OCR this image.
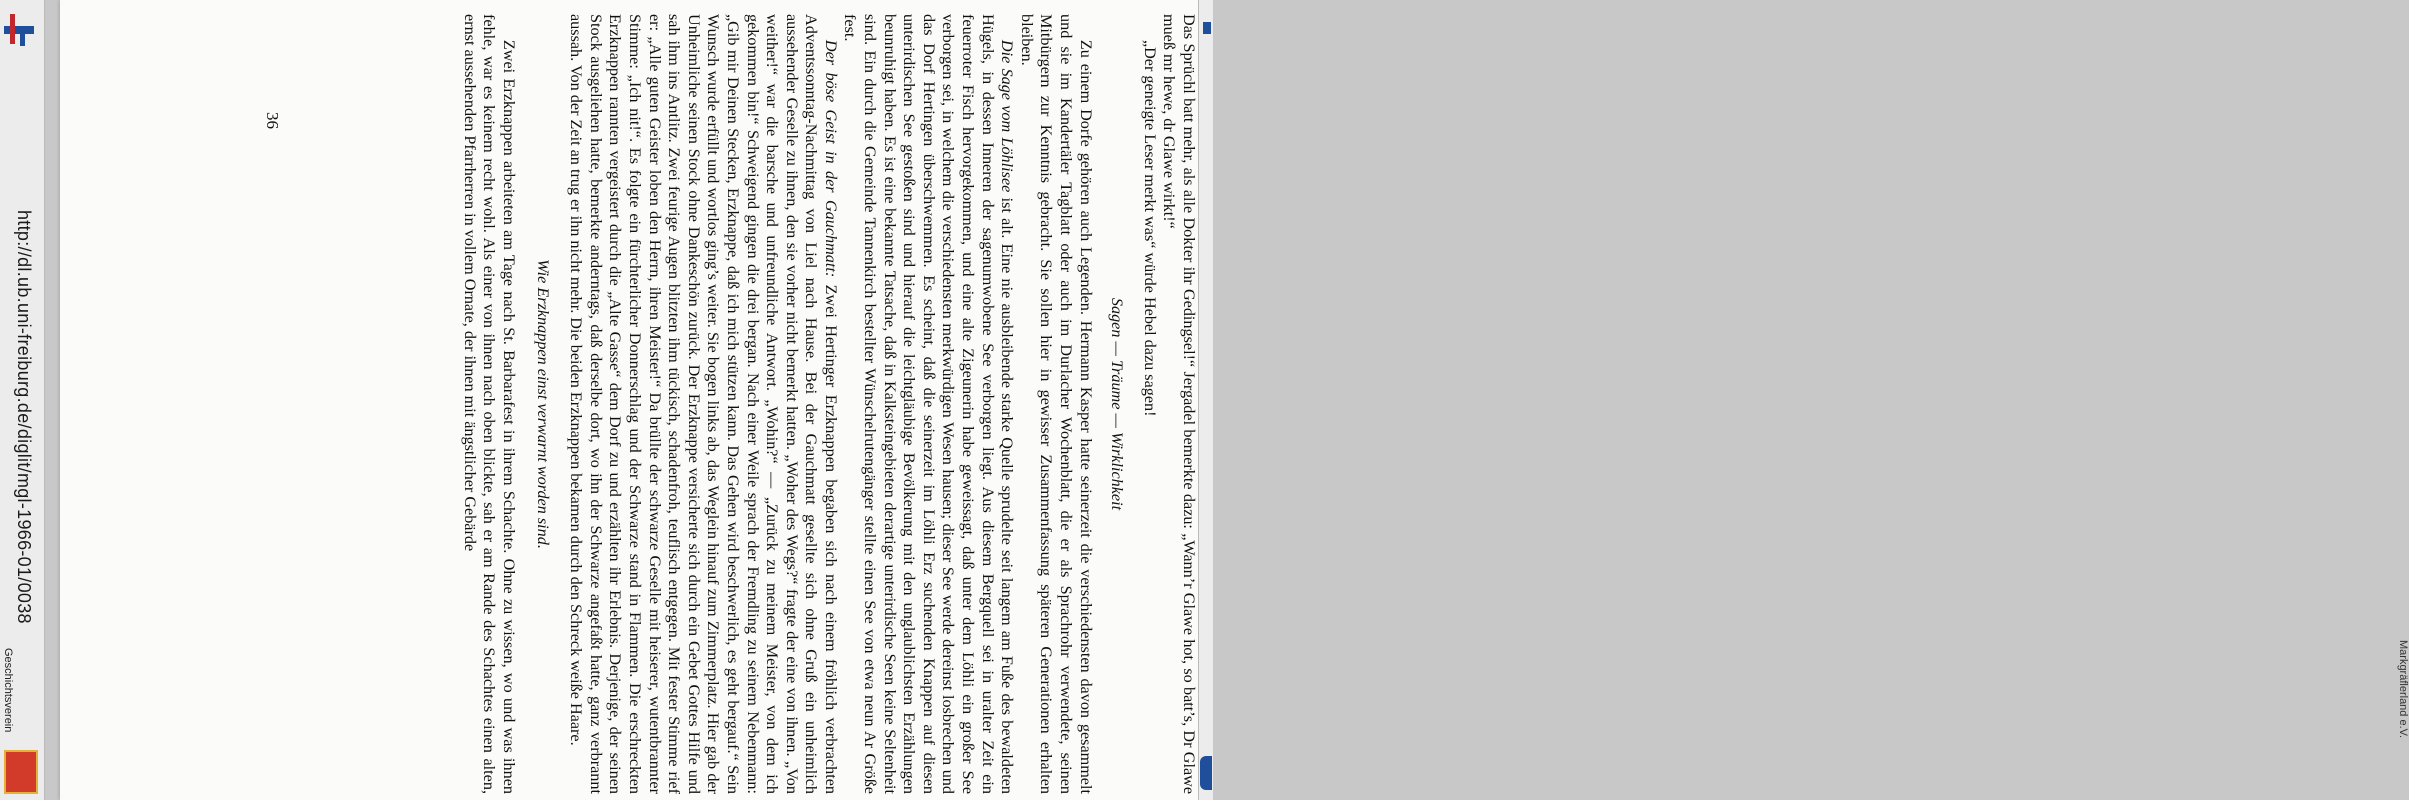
http://dl.ub.uni-freiburg.de/diglit/mgl-1966-01/0038
Geschichtsverein	Das Sprüchl batt mehr, als alle Dokter ihr Gedingsel!“ Jergadel bemerkte dazu: „Wann’r Glawe hot, so batt’s, Dr Glawe mueß mr hewe, dr Glawe wirkt!“

„Der geneigte Leser merkt was“ würde Hebel dazu sagen!

Sagen — Träume — Wirklichkeit

Zu einem Dorfe gehören auch Legenden. Hermann Kasper hatte seinerzeit die verschiedensten davon gesammelt und sie im Kandertäler Tagblatt oder auch im Durlacher Wochenblatt, die er als Sprachrohr verwendete, seinen Mitbürgern zur Kenntnis gebracht. Sie sollen hier in gewisser Zusammenfassung späteren Generationen erhalten bleiben.

Die Sage vom Löhlisee ist alt. Eine nie ausbleibende starke Quelle sprudelte seit langem am Fuße des bewaldeten Hügels, in dessen Inneren der sagenumwobene See verborgen liegt. Aus diesem Bergquell sei in uralter Zeit ein feuerroter Fisch hervorgekommen, und eine alte Zigeunerin habe geweissagt, daß unter dem Löhli ein großer See verborgen sei, in welchem die verschiedensten merkwürdigen Wesen hausen; dieser See werde dereinst losbrechen und das Dorf Hertingen überschwemmen. Es scheint, daß die seinerzeit im Löhli Erz suchenden Knappen auf diesen unterirdischen See gestoßen sind und hierauf die leichtgläubige Bevölkerung mit den unglaublichsten Erzählungen beunruhigt haben. Es ist eine bekannte Tatsache, daß in Kalksteingebieten derartige unterirdische Seen keine Seltenheit sind. Ein durch die Gemeinde Tannenkirch bestellter Wünschelrutengänger stellte einen See von etwa neun Ar Größe fest.

Der böse Geist in der Gauchmatt: Zwei Hertinger Erzknappen begaben sich nach einem fröhlich verbrachten Adventssonntag-Nachmittag von Liel nach Hause. Bei der Gauchmatt gesellte sich ohne Gruß ein unheimlich aussehender Geselle zu ihnen, den sie vorher nicht bemerkt hatten. „Woher des Wegs?“ fragte der eine von ihnen. „Von weither!“ war die barsche und unfreundliche Antwort. „Wohin?“ — „Zurück zu meinem Meister, von dem ich gekommen bin!“ Schweigend gingen die drei bergan. Nach einer Weile sprach der Fremdling zu seinem Nebenmann: „Gib mir Deinen Stecken, Erzknappe, daß ich mich stützen kann. Das Gehen wird beschwerlich, es geht bergauf.“ Sein Wunsch wurde erfüllt und wortlos ging’s weiter. Sie bogen links ab, das Weglein hinauf zum Zimmerplatz. Hier gab der Unheimliche seinen Stock ohne Dankeschön zurück. Der Erzknappe versicherte sich durch ein Gebet Gottes Hilfe und sah ihm ins Antlitz. Zwei feurige Augen blitzten ihm tückisch, schadenfroh, teuflisch entgegen. Mit fester Stimme rief er: „Alle guten Geister loben den Herrn, ihren Meister!“ Da brüllte der schwarze Geselle mit heiserer, wutentbrannter Stimme: „Ich nit!“. Es folgte ein fürchterlicher Donnerschlag und der Schwarze stand in Flammen. Die erschreckten Erzknappen rannten vergeistert durch die „Alte Gasse“ dem Dorf zu und erzählten ihr Erlebnis. Derjenige, der seinen Stock ausgeliehen hatte, bemerkte anderntags, daß derselbe dort, wo ihn der Schwarze angefaßt hatte, ganz verbrannt aussah. Von der Zeit an trug er ihn nicht mehr. Die beiden Erzknappen bekamen durch den Schreck weiße Haare.

Wie Erzknappen einst verwarnt worden sind.

Zwei Erzknappen arbeiteten am Tage nach St. Barbarafest in ihrem Schachte. Ohne zu wissen, wo und was ihnen fehle, war es keinem recht wohl. Als einer von ihnen nach oben blickte, sah er am Rande des Schachtes einen alten, ernst aussehenden Pfarrherren in vollem Ornate, der ihnen mit ängstlicher Gebärde

36
Markgräflerland e.V.
